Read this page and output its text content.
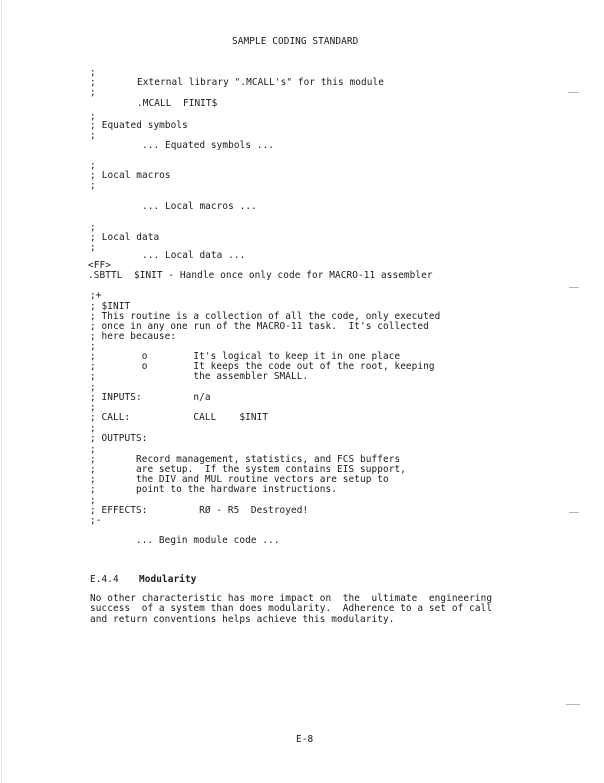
SAMPLE CODING STANDARD
;
;	External library ".MCALL's" for this module
;
.MCALL  FINIT$
;
; Equated symbols
;
... Equated symbols ...
;
; Local macros
;
... Local macros ...
;
; Local data
;
... Local data ...
<FF>
.SBTTL  $INIT - Handle once only code for MACRO-11 assembler
;+
; $INIT
; This routine is a collection of all the code, only executed
; once in any one run of the MACRO-11 task.  It's collected
; here because:
;
;        o        It's logical to keep it in one place
;        o        It keeps the code out of the root, keeping
;                 the assembler SMALL.
;
; INPUTS:         n/a
;
; CALL:           CALL    $INIT
;
; OUTPUTS:
;
;       Record management, statistics, and FCS buffers
;       are setup.  If the system contains EIS support,
;       the DIV and MUL routine vectors are setup to
;       point to the hardware instructions.
;
; EFFECTS:         RØ - R5  Destroyed!
;-
... Begin module code ...
E.4.4 Modularity
No other characteristic has more impact on  the  ultimate  engineering
success  of a system than does modularity.  Adherence to a set of call
and return conventions helps achieve this modularity.
E-8
